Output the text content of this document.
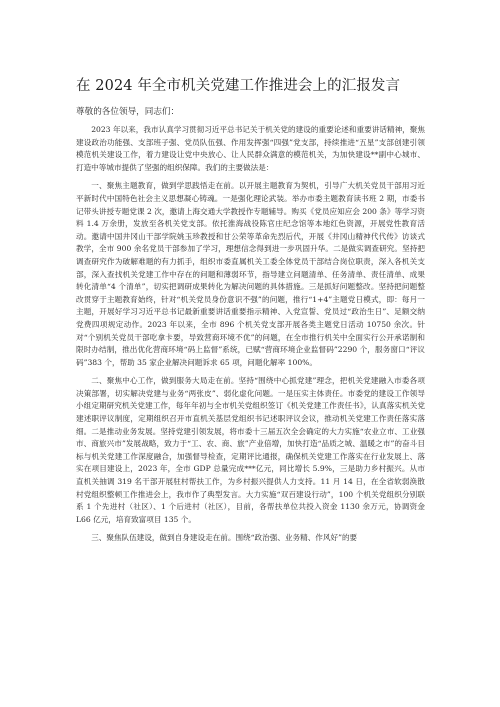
在 2024 年全市机关党建工作推进会上的汇报发言
尊敬的各位领导，同志们：

2023 年以来，我市认真学习贯彻习近平总书记关于机关党的建设的重要论述和重要讲话精神，聚焦建设政治功能强、支部班子强、党员队伍强、作用发挥强“四强”党支部，持续推进“五星”支部创建引领模范机关建设工作，着力建设让党中央放心、让人民群众满意的模范机关，为加快建设**副中心城市、打造中等城市提供了坚强的组织保障。我们的主要做法是：

一、聚焦主题教育，做到学思践悟走在前。以开展主题教育为契机，引导广大机关党员干部用习近平新时代中国特色社会主义思想凝心铸魂。一是强化理论武装。举办市委主题教育读书班 2 期，市委书记带头讲授专题党课 2 次，邀请上海交通大学教授作专题辅导。购买《党员应知应会 200 条》等学习资料 1.4 万余册，发放至各机关党支部。依托淮海战役陈官庄纪念馆等本地红色资源，开展党性教育活动。邀请中国井冈山干部学院姚玉珍教授和甘公荣等革命先烈后代，开展《井冈山精神代代传》访谈式教学，全市 900 余名党员干部参加了学习，理想信念得到进一步巩固升华。二是做实调查研究。坚持把调查研究作为破解难题的有力抓手，组织市委直属机关工委全体党员干部结合岗位职责，深入各机关支部，深入查找机关党建工作中存在的问题和薄弱环节，指导建立问题清单、任务清单、责任清单、成果转化清单“4 个清单”，切实把调研成果转化为解决问题的具体措施。三是抓好问题整改。坚持把问题整改贯穿于主题教育始终，针对“机关党员身份意识不强”的问题，推行“1+4”主题党日模式，即：每月一主题，开展好学习习近平总书记最新重要讲话重要指示精神、入党宣誓、党员过“政治生日”、足额交纳党费四项规定动作。2023 年以来，全市 896 个机关党支部开展各类主题党日活动 10750 余次。针对“个别机关党员干部吃拿卡要，导致营商环境不优”的问题，在全市推行机关中全面实行公开承诺制和限时办结制，推出优化营商环境“码上监督”系统，已赋“营商环境企业监督码”2290 个，服务窗口“评议码”383 个，帮助 35 家企业解决问题诉求 65 项，问题化解率 100%。

二、聚焦中心工作，做到服务大局走在前。坚持“围绕中心抓党建”理念，把机关党建融入市委各项决策部署，切实解决党建与业务“两张皮”、弱化虚化问题。一是压实主体责任。市委党的建设工作领导小组定期研究机关党建工作，每年年初与全市机关党组织签订《机关党建工作责任书》，认真落实机关党建述职评议制度，定期组织召开市直机关基层党组织书记述职评议会议，推动机关党建工作责任落实落细。二是推动业务发展。坚持党建引领发展，将市委十三届五次全会确定的大力实施“农业立市、工业强市、商旅兴市”发展战略，致力于“工、农、商、旅”产业倍增，加快打造“品质之城、温暖之市”的奋斗目标与机关党建工作深度融合，加强督导检查，定期评比通报，确保机关党建工作落实在行业发展上、落实在项目建设上，2023 年，全市 GDP 总量完成***亿元，同比增长 5.9%，三是助力乡村振兴。从市直机关抽调 319 名干部开展驻村帮扶工作，为乡村振兴提供人力支持。11 月 14 日，在全省软弱涣散村党组织整顿工作推进会上，我市作了典型发言。大力实施“双百建设行动”，100 个机关党组织分别联系 1 个先进村（社区）、1 个后进村（社区），目前，各帮扶单位共投入资金 1130 余万元，协调资金 L66 亿元，培育致富项目 135 个。

三、聚焦队伍建设，做到自身建设走在前。围绕“政治强、业务精、作风好”的要
